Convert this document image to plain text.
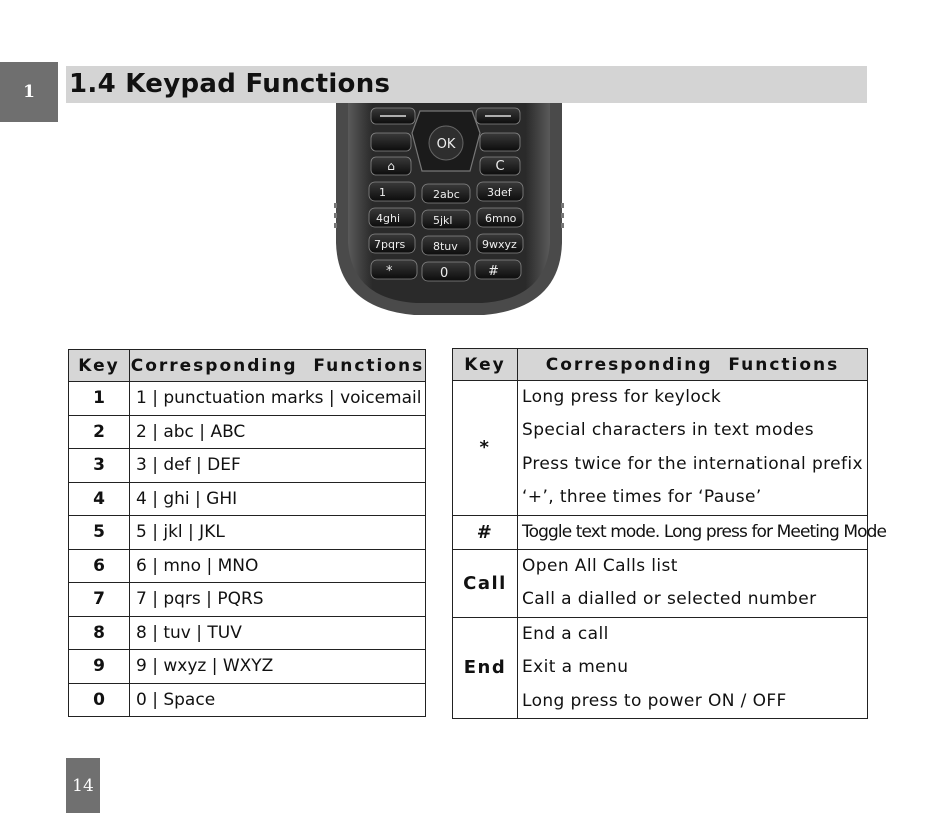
1	1.4 Keypad Functions
OK
⌂	C
1	2abc 3def
4ghi	5jkl	6mno
7pqrs	8tuv 9wxyz
*	0	#
Key	Corresponding  Functions
1	1 | punctuation marks | voicemail
2	2 | abc | ABC
3	3 | def | DEF
4	4 | ghi | GHI
5	5 | jkl | JKL
6	6 | mno | MNO
7	7 | pqrs | PQRS
8	8 | tuv | TUV
9	9 | wxyz | WXYZ
0	0 | Space
Key	Corresponding  Functions
*	Long press for keylock
Special characters in text modes
Press twice for the international prefix
‘+’, three times for ‘Pause’

#	Toggle text mode. Long press for Meeting Mode

Call	Open All Calls list
Call a dialled or selected number

End	End a call
Exit a menu
Long press to power ON / OFF
14
